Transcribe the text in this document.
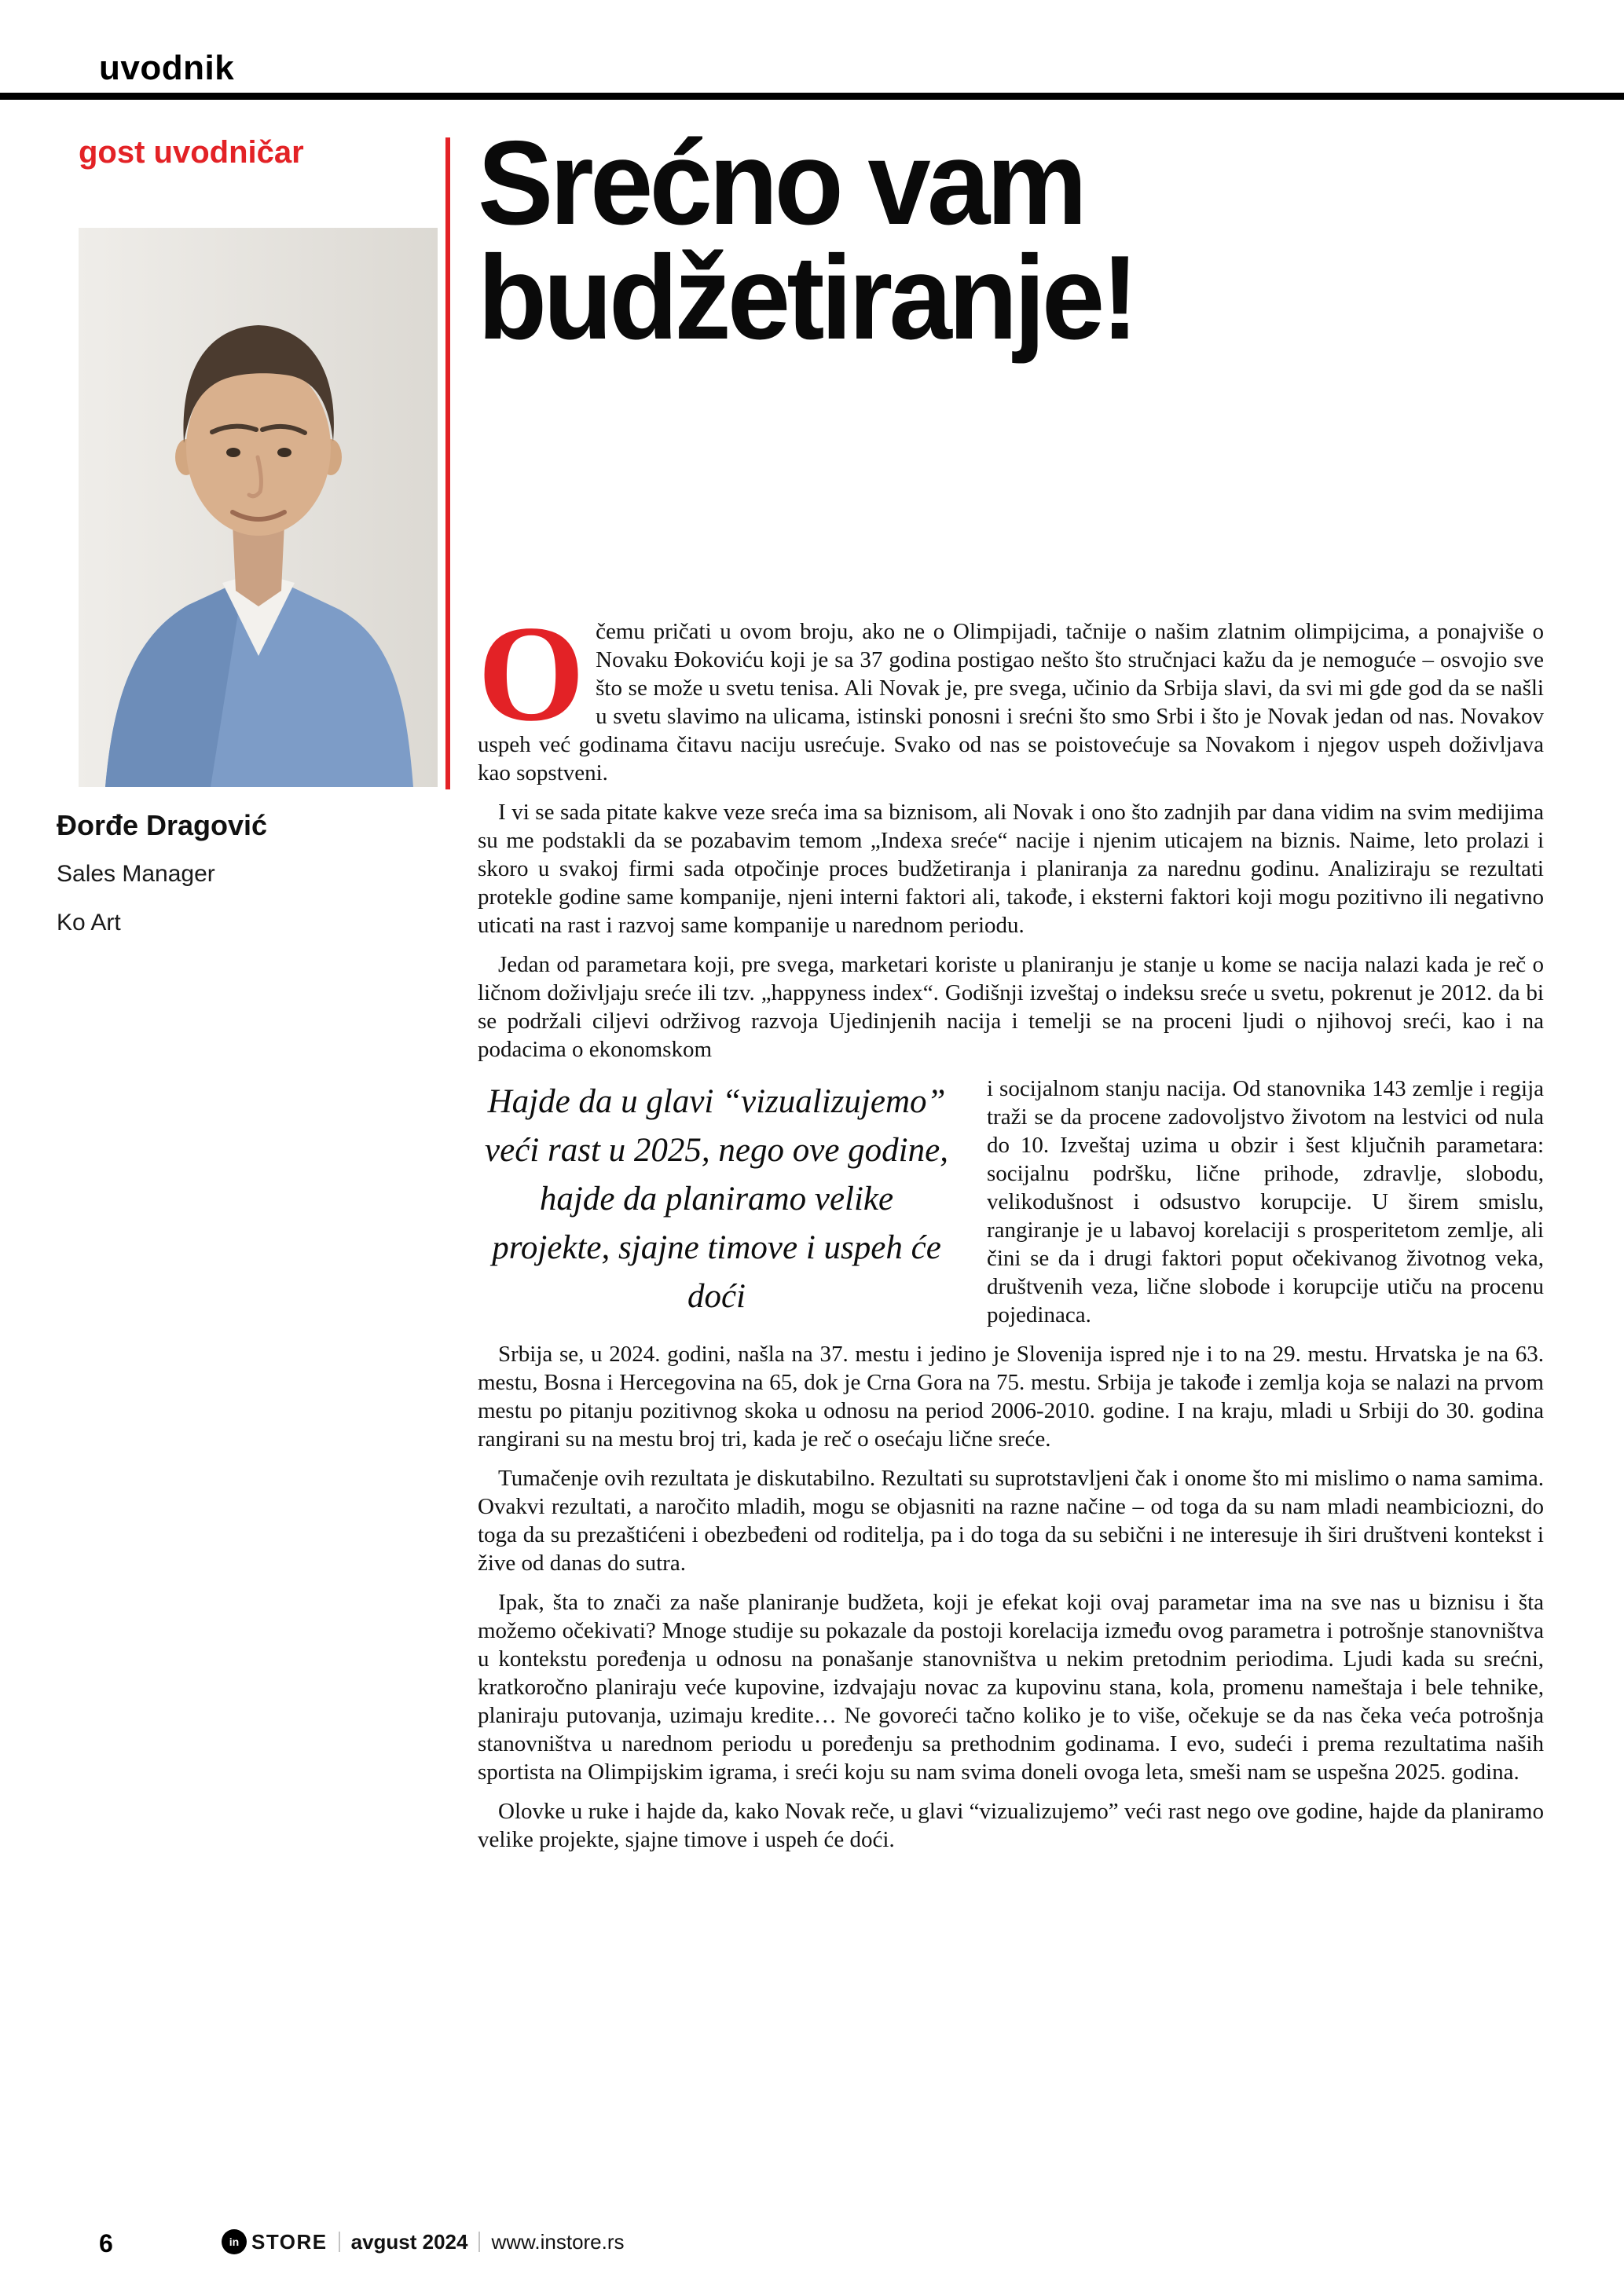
uvodnik
gost uvodničar
Đorđe Dragović
Sales Manager
Ko Art
Srećno vam
budžetiranje!

Očemu pričati u ovom broju, ako ne o Olimpijadi, tačnije o našim zlatnim olimpijcima, a ponajviše o Novaku Đokoviću koji je sa 37 godina postigao nešto što stručnjaci kažu da je nemoguće – osvojio sve što se može u svetu tenisa. Ali Novak je, pre svega, učinio da Srbija slavi, da svi mi gde god da se našli u svetu slavimo na ulicama, istinski ponosni i srećni što smo Srbi i što je Novak jedan od nas. Novakov uspeh već godinama čitavu naciju usrećuje. Svako od nas se poistovećuje sa Novakom i njegov uspeh doživljava kao sopstveni.

I vi se sada pitate kakve veze sreća ima sa biznisom, ali Novak i ono što zadnjih par dana vidim na svim medijima su me podstakli da se pozabavim temom „Indexa sreće“ nacije i njenim uticajem na biznis. Naime, leto prolazi i skoro u svakoj firmi sada otpočinje proces budžetiranja i planiranja za narednu godinu. Analiziraju se rezultati protekle godine same kompanije, njeni interni faktori ali, takođe, i eksterni faktori koji mogu pozitivno ili negativno uticati na rast i razvoj same kompanije u narednom periodu.

Jedan od parametara koji, pre svega, marketari koriste u planiranju je stanje u kome se nacija nalazi kada je reč o ličnom doživljaju sreće ili tzv. „happyness index“. Godišnji izveštaj o indeksu sreće u svetu, pokrenut je 2012. da bi se podržali ciljevi održivog razvoja Ujedinjenih nacija i temelji se na proceni ljudi o njihovoj sreći, kao i na podacima o ekonomskom

Hajde da u glavi “vizualizujemo” veći rast u 2025, nego ove godine, hajde da planiramo velike projekte, sjajne timove i uspeh će doći
i socijalnom stanju nacija. Od stanovnika 143 zemlje i regija traži se da procene zadovoljstvo životom na lestvici od nula do 10. Izveštaj uzima u obzir i šest ključnih parametara: socijalnu podršku, lične prihode, zdravlje, slobodu, velikodušnost i odsustvo korupcije. U širem smislu, rangiranje je u labavoj korelaciji s prosperitetom zemlje, ali čini se da i drugi faktori poput očekivanog životnog veka, društvenih veza, lične slobode i korupcije utiču na procenu pojedinaca.

Srbija se, u 2024. godini, našla na 37. mestu i jedino je Slovenija ispred nje i to na 29. mestu. Hrvatska je na 63. mestu, Bosna i Hercegovina na 65, dok je Crna Gora na 75. mestu. Srbija je takođe i zemlja koja se nalazi na prvom mestu po pitanju pozitivnog skoka u odnosu na period 2006-2010. godine. I na kraju, mladi u Srbiji do 30. godina rangirani su na mestu broj tri, kada je reč o osećaju lične sreće.

Tumačenje ovih rezultata je diskutabilno. Rezultati su suprotstavljeni čak i onome što mi mislimo o nama samima. Ovakvi rezultati, a naročito mladih, mogu se objasniti na razne načine – od toga da su nam mladi neambiciozni, do toga da su prezaštićeni i obezbeđeni od roditelja, pa i do toga da su sebični i ne interesuje ih širi društveni kontekst i žive od danas do sutra.

Ipak, šta to znači za naše planiranje budžeta, koji je efekat koji ovaj parametar ima na sve nas u biznisu i šta možemo očekivati? Mnoge studije su pokazale da postoji korelacija između ovog parametra i potrošnje stanovništva u kontekstu poređenja u odnosu na ponašanje stanovništva u nekim pretodnim periodima. Ljudi kada su srećni, kratkoročno planiraju veće kupovine, izdvajaju novac za kupovinu stana, kola, promenu nameštaja i bele tehnike, planiraju putovanja, uzimaju kredite… Ne govoreći tačno koliko je to više, očekuje se da nas čeka veća potrošnja stanovništva u narednom periodu u poređenju sa prethodnim godinama. I evo, sudeći i prema rezultatima naših sportista na Olimpijskim igrama, i sreći koju su nam svima doneli ovoga leta, smeši nam se uspešna 2025. godina.

Olovke u ruke i hajde da, kako Novak reče, u glavi “vizualizujemo” veći rast nego ove godine, hajde da planiramo velike projekte, sjajne timove i uspeh će doći.

6	in STORE avgust 2024 www.instore.rs
